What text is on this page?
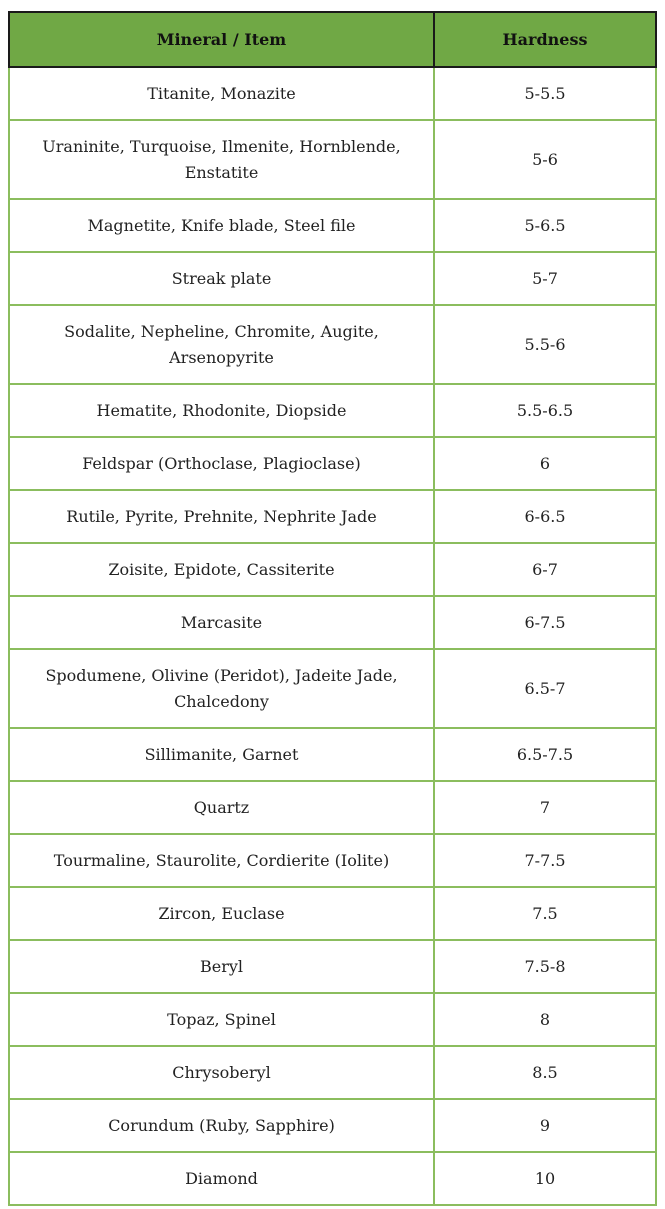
Mineral / Item	Hardness
Titanite, Monazite	5-5.5
Uraninite, Turquoise, Ilmenite, Hornblende, Enstatite	5-6
Magnetite, Knife blade, Steel file	5-6.5
Streak plate	5-7
Sodalite, Nepheline, Chromite, Augite, Arsenopyrite	5.5-6
Hematite, Rhodonite, Diopside	5.5-6.5
Feldspar (Orthoclase, Plagioclase)	6
Rutile, Pyrite, Prehnite, Nephrite Jade	6-6.5
Zoisite, Epidote, Cassiterite	6-7
Marcasite	6-7.5
Spodumene, Olivine (Peridot), Jadeite Jade, Chalcedony	6.5-7
Sillimanite, Garnet	6.5-7.5
Quartz	7
Tourmaline, Staurolite, Cordierite (Iolite)	7-7.5
Zircon, Euclase	7.5
Beryl	7.5-8
Topaz, Spinel	8
Chrysoberyl	8.5
Corundum (Ruby, Sapphire)	9
Diamond	10
